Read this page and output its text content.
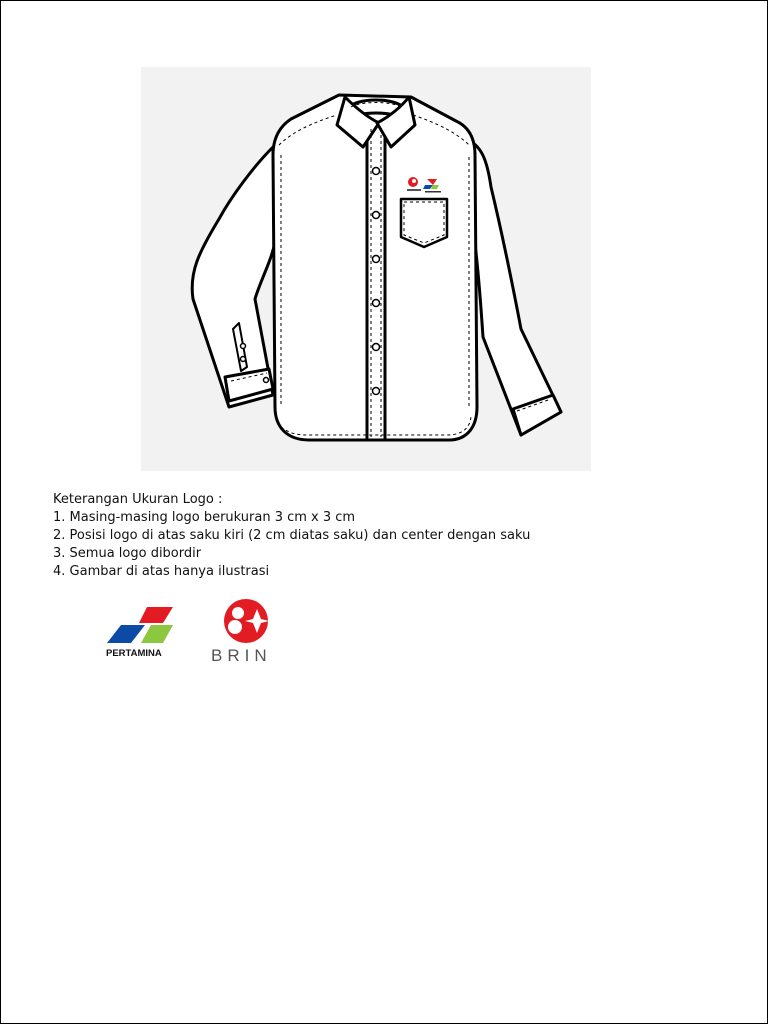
Keterangan Ukuran Logo :
1. Masing-masing logo berukuran 3 cm x 3 cm
2. Posisi logo di atas saku kiri (2 cm diatas saku) dan center dengan saku
3. Semua logo dibordir
4. Gambar di atas hanya ilustrasi
PERTAMINA	BRIN
